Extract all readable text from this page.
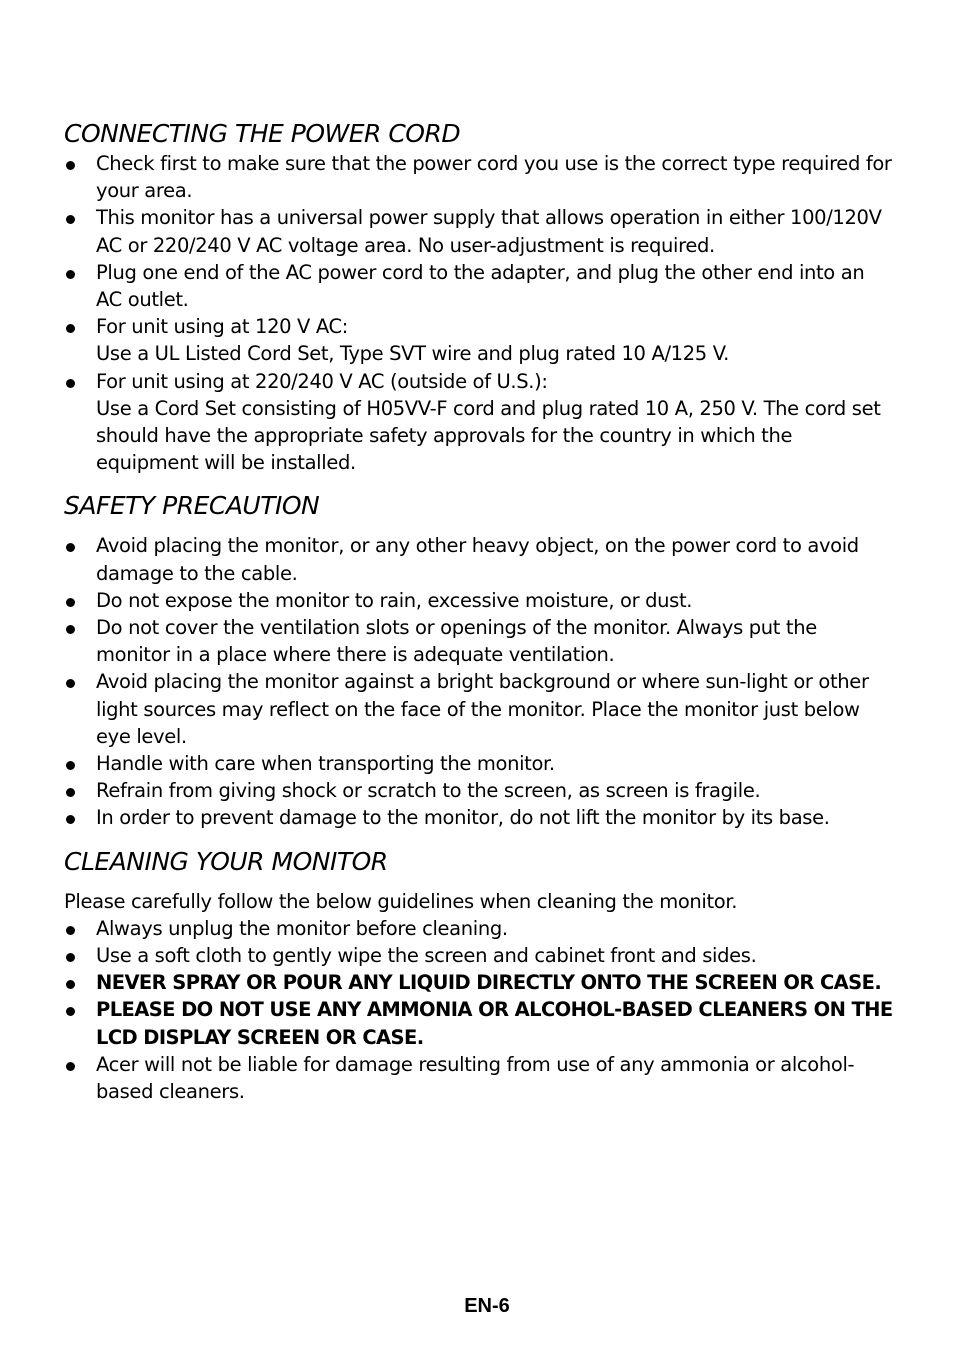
CONNECTING THE POWER CORD
Check first to make sure that the power cord you use is the correct type required for your area.
This monitor has a universal power supply that allows operation in either 100/120V AC or 220/240 V AC voltage area. No user-adjustment is required.
Plug one end of the AC power cord to the adapter, and plug the other end into an AC outlet.
For unit using at 120 V AC:
Use a UL Listed Cord Set, Type SVT wire and plug rated 10 A/125 V.
For unit using at 220/240 V AC (outside of U.S.):
Use a Cord Set consisting of H05VV-F cord and plug rated 10 A, 250 V. The cord set should have the appropriate safety approvals for the country in which the equipment will be installed.
SAFETY PRECAUTION
Avoid placing the monitor, or any other heavy object, on the power cord to avoid damage to the cable.
Do not expose the monitor to rain, excessive moisture, or dust.
Do not cover the ventilation slots or openings of the monitor. Always put the monitor in a place where there is adequate ventilation.
Avoid placing the monitor against a bright background or where sun-light or other light sources may reflect on the face of the monitor. Place the monitor just below eye level.
Handle with care when transporting the monitor.
Refrain from giving shock or scratch to the screen, as screen is fragile.
In order to prevent damage to the monitor, do not lift the monitor by its base.
CLEANING YOUR MONITOR

Please carefully follow the below guidelines when cleaning the monitor.

Always unplug the monitor before cleaning.
Use a soft cloth to gently wipe the screen and cabinet front and sides.
NEVER SPRAY OR POUR ANY LIQUID DIRECTLY ONTO THE SCREEN OR CASE.
PLEASE DO NOT USE ANY AMMONIA OR ALCOHOL-BASED CLEANERS ON THE LCD DISPLAY SCREEN OR CASE.
Acer will not be liable for damage resulting from use of any ammonia or alcohol-based cleaners.
EN-6
